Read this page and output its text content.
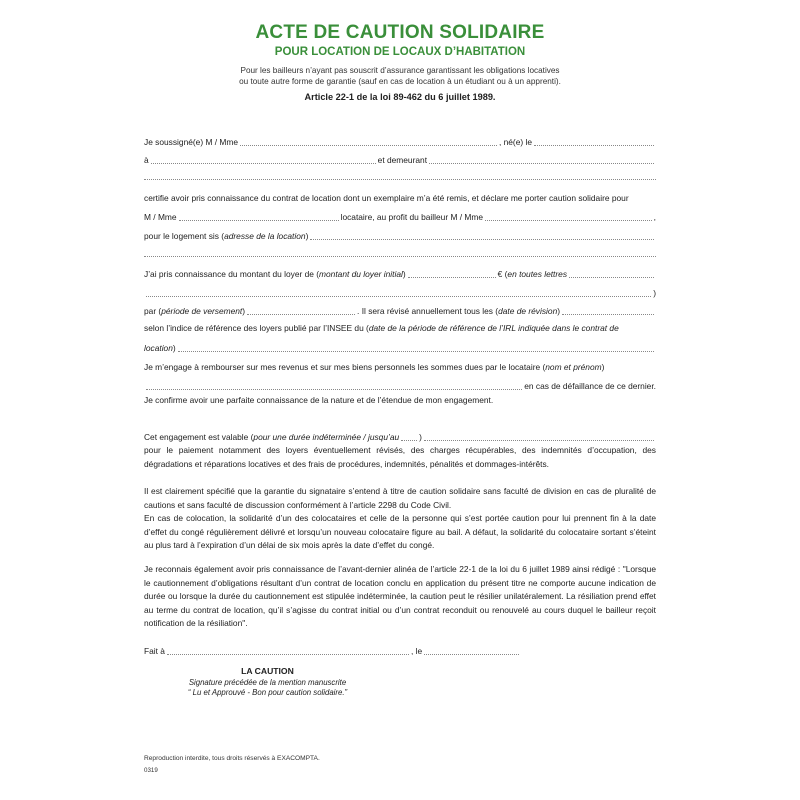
ACTE DE CAUTION SOLIDAIRE
POUR LOCATION DE LOCAUX D’HABITATION
Pour les bailleurs n’ayant pas souscrit d’assurance garantissant les obligations locatives
ou toute autre forme de garantie (sauf en cas de location à un étudiant ou à un apprenti).
Article 22-1 de la loi 89-462 du 6 juillet 1989.
Je soussigné(e) M / Mme	, né(e) le
à	et demeurant
certifie avoir pris connaissance du contrat de location dont un exemplaire m’a été remis, et déclare me porter caution solidaire pour
M / Mme	locataire, au profit du bailleur M / Mme	,
pour le logement sis (adresse de la location)
J’ai pris connaissance du montant du loyer de (montant du loyer initial)	€ (en toutes lettres
)
par (période de versement)	. Il sera révisé annuellement tous les (date de révision)
selon l’indice de référence des loyers publié par l’INSEE du (date de la période de référence de l’IRL indiquée dans le contrat de
location)
Je m’engage à rembourser sur mes revenus et sur mes biens personnels les sommes dues par le locataire (nom et prénom)
en cas de défaillance de ce dernier.
Je confirme avoir une parfaite connaissance de la nature et de l’étendue de mon engagement.
Cet engagement est valable (pour une durée indéterminée / jusqu’au )
pour le paiement notamment des loyers éventuellement révisés, des charges récupérables, des indemnités d’occupation, des dégradations et réparations locatives et des frais de procédures, indemnités, pénalités et dommages-intérêts.

Il est clairement spécifié que la garantie du signataire s’entend à titre de caution solidaire sans faculté de division en cas de pluralité de cautions et sans faculté de discussion conformément à l’article 2298 du Code Civil.

En cas de colocation, la solidarité d’un des colocataires et celle de la personne qui s’est portée caution pour lui prennent fin à la date d’effet du congé régulièrement délivré et lorsqu’un nouveau colocataire figure au bail. A défaut, la solidarité du colocataire sortant s’éteint au plus tard à l’expiration d’un délai de six mois après la date d’effet du congé.

Je reconnais également avoir pris connaissance de l’avant-dernier alinéa de l’article 22-1 de la loi du 6 juillet 1989 ainsi rédigé : "Lorsque le cautionnement d’obligations résultant d’un contrat de location conclu en application du présent titre ne comporte aucune indication de durée ou lorsque la durée du cautionnement est stipulée indéterminée, la caution peut le résilier unilatéralement. La résiliation prend effet au terme du contrat de location, qu’il s’agisse du contrat initial ou d’un contrat reconduit ou renouvelé au cours duquel le bailleur reçoit notification de la résiliation".
Fait à	, le
LA CAUTION
Signature précédée de la mention manuscrite
“ Lu et Approuvé - Bon pour caution solidaire.”
Reproduction interdite, tous droits réservés à EXACOMPTA.
0319
